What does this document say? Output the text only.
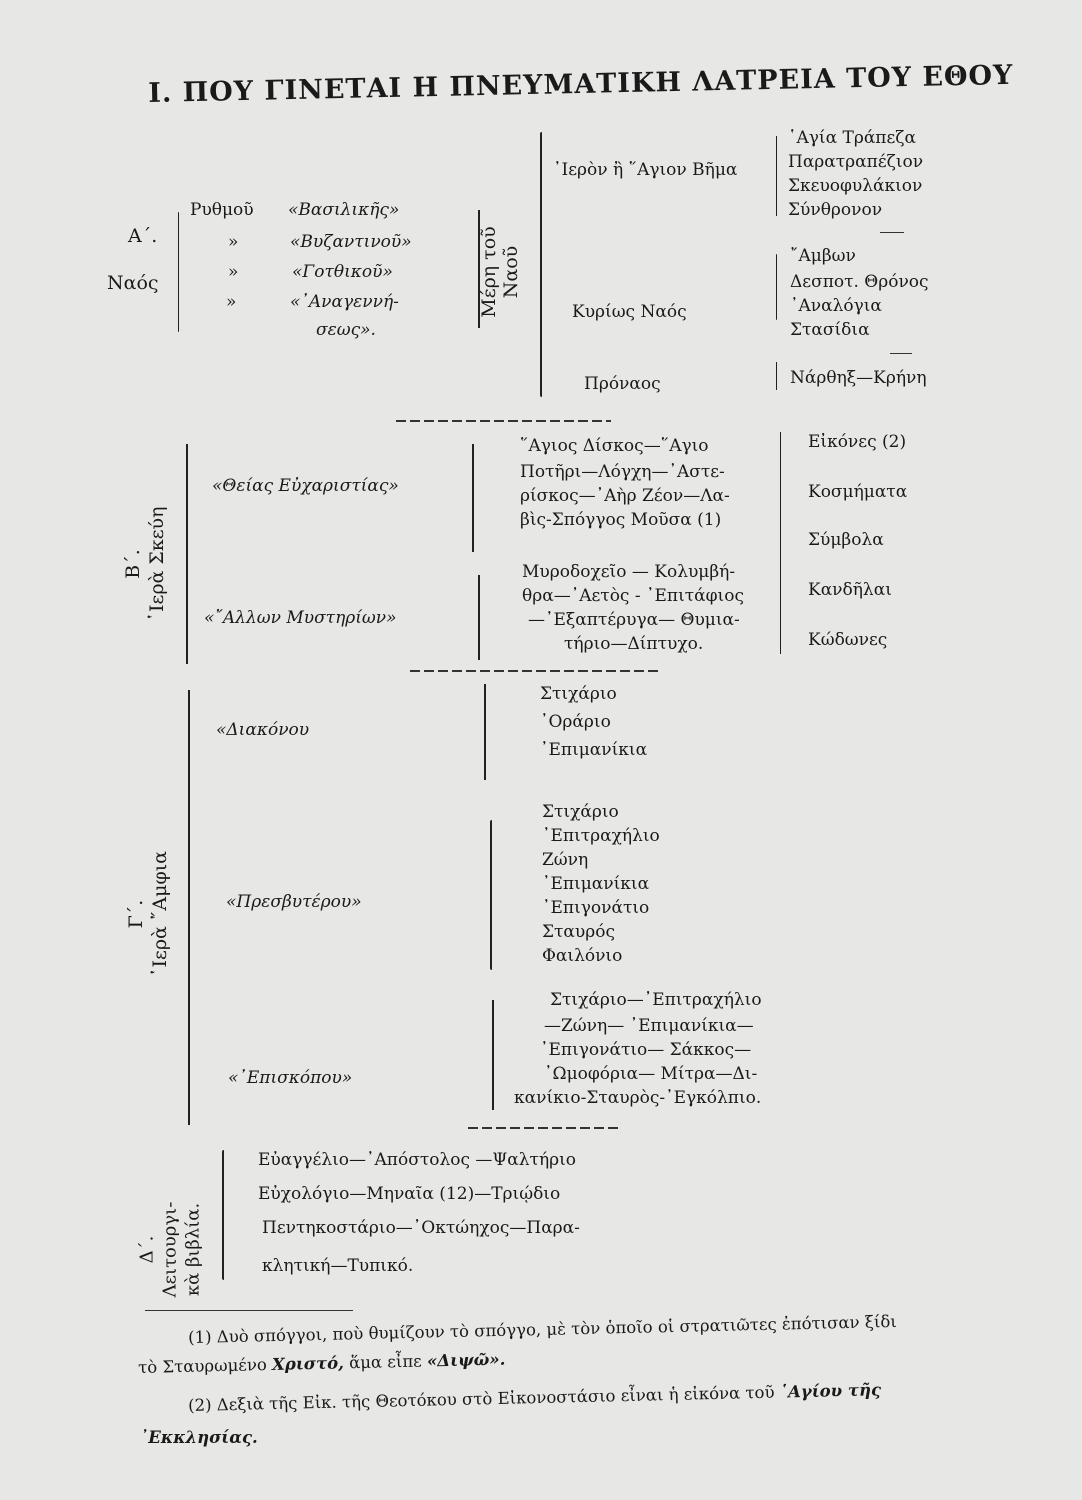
Ι. ΠΟΥ ΓΙΝΕΤΑΙ Η ΠΝΕΥΜΑΤΙΚΗ ΛΑΤΡΕΙΑ ΤΟΥ ΕΘΟΥ
Α΄.
Ναός
Ρυθμοῦ
»
»
»
«Βασιλικῆς»
«Βυζαντινοῦ»
«Γοτθικοῦ»
«᾿Αναγεννή-
σεως».
Μέρη τοῦ Ναοῦ
᾿Ιερὸν ἢ ῞Αγιον Βῆμα
῾Αγία Τράπεζα
Παρατραπέζιον
Σκευοφυλάκιον
Σύνθρονον
Κυρίως Ναός
῎Αμβων
Δεσποτ. Θρόνος
᾿Αναλόγια
Στασίδια
Πρόναος	Νάρθηξ—Κρήνη
Β΄. ῾Ιερὰ Σκεύη
«Θείας Εὐχαριστίας»
῞Αγιος Δίσκος—῞Αγιο
Ποτῆρι—Λόγχη—᾿Αστε-
ρίσκος—᾿Αὴρ Ζέον—Λα-
βὶς-Σπόγγος Μοῦσα (1)
«῎Αλλων Μυστηρίων»
Μυροδοχεῖο — Κολυμβή-
θρα—᾿Αετὸς - ᾿Επιτάφιος
—᾿Εξαπτέρυγα— Θυμια-
τήριο—Δίπτυχο.
Εἰκόνες (2)
Κοσμήματα
Σύμβολα
Κανδῆλαι
Κώδωνες
Γ΄. ῾Ιερὰ ῎Αμφια
«Διακόνου
Στιχάριο
᾿Οράριο
᾿Επιμανίκια
«Πρεσβυτέρου»
Στιχάριο
᾿Επιτραχήλιο
Ζώνη
᾿Επιμανίκια
᾿Επιγονάτιο
Σταυρός
Φαιλόνιο
«᾿Επισκόπου»
Στιχάριο—᾿Επιτραχήλιο
—Ζώνη— ᾿Επιμανίκια—
᾿Επιγονάτιο— Σάκκος—
᾿Ωμοφόρια— Μίτρα—Δι-
κανίκιο-Σταυρὸς-᾿Εγκόλπιο.
Δ΄. Λειτουργι- κὰ βιβλία.
Εὐαγγέλιο—᾿Απόστολος —Ψαλτήριο
Εὐχολόγιο—Μηναῖα (12)—Τριῴδιο
Πεντηκοστάριο—᾿Οκτώηχος—Παρα-
κλητική—Τυπικό.
(1) Δυὸ σπόγγοι, ποὺ θυμίζουν τὸ σπόγγο, μὲ τὸν ὁποῖο οἱ στρατιῶτες ἐπότισαν ξίδι
τὸ Σταυρωμένο Χριστό, ἅμα εἶπε «Διψῶ».
(2) Δεξιὰ τῆς Εἰκ. τῆς Θεοτόκου στὸ Εἰκονοστάσιο εἶναι ἡ εἰκόνα τοῦ ῾Αγίου τῆς
᾿Εκκλησίας.
